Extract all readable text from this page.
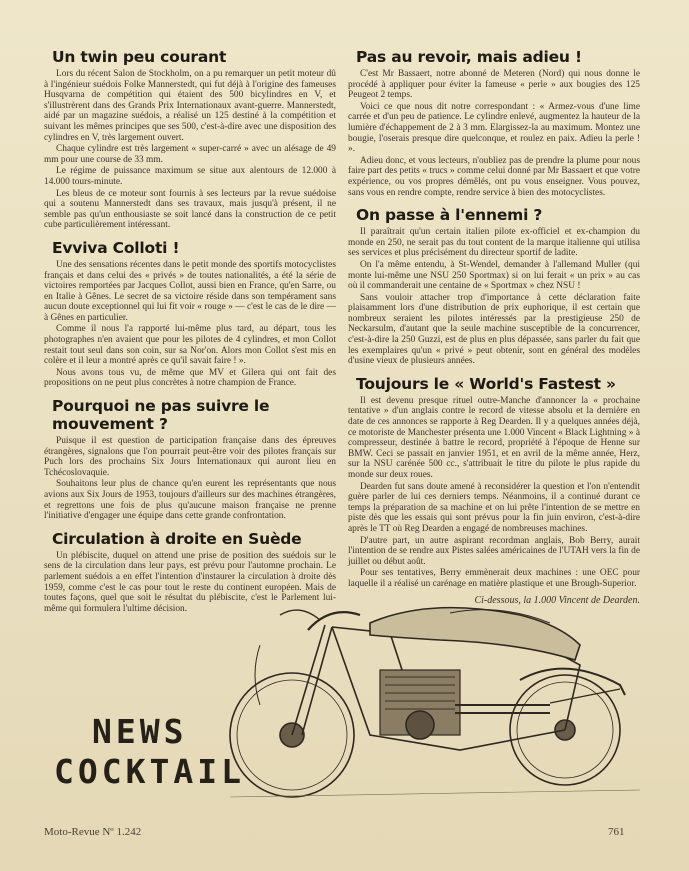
Un twin peu courant

Lors du récent Salon de Stockholm, on a pu remarquer un petit moteur dû à l'ingénieur suédois Folke Mannerstedt, qui fut déjà à l'origine des fameuses Husqvarna de compétition qui étaient des 500 bicylindres en V, et s'illustrèrent dans des Grands Prix Internationaux avant-guerre. Mannerstedt, aidé par un magazine suédois, a réalisé un 125 destiné à la compétition et suivant les mêmes principes que ses 500, c'est-à-dire avec une disposition des cylindres en V, très largement ouvert.

Chaque cylindre est très largement « super-carré » avec un alésage de 49 mm pour une course de 33 mm.

Le régime de puissance maximum se situe aux alentours de 12.000 à 14.000 tours-minute.

Les bleus de ce moteur sont fournis à ses lecteurs par la revue suédoise qui a soutenu Mannerstedt dans ses travaux, mais jusqu'à présent, il ne semble pas qu'un enthousiaste se soit lancé dans la construction de ce petit cube particulièrement intéressant.

Evviva Colloti !

Une des sensations récentes dans le petit monde des sportifs motocyclistes français et dans celui des « privés » de toutes nationalités, a été la série de victoires remportées par Jacques Collot, aussi bien en France, qu'en Sarre, ou en Italie à Gênes. Le secret de sa victoire réside dans son tempérament sans aucun doute exceptionnel qui lui fit voir « rouge » — c'est le cas de le dire — à Gênes en particulier.

Comme il nous l'a rapporté lui-même plus tard, au départ, tous les photographes n'en avaient que pour les pilotes de 4 cylindres, et mon Collot restait tout seul dans son coin, sur sa Nor'on. Alors mon Collot s'est mis en colère et il leur a montré après ce qu'il savait faire ! ».

Nous avons tous vu, de même que MV et Gilera qui ont fait des propositions on ne peut plus concrètes à notre champion de France.

Pourquoi ne pas suivre le mouvement ?

Puisque il est question de participation française dans des épreuves étrangères, signalons que l'on pourrait peut-être voir des pilotes français sur Puch lors des prochains Six Jours Internationaux qui auront lieu en Tchécoslovaquie.

Souhaitons leur plus de chance qu'en eurent les représentants que nous avions aux Six Jours de 1953, toujours d'ailleurs sur des machines étrangères, et regrettons une fois de plus qu'aucune maison française ne prenne l'initiative d'engager une équipe dans cette grande confrontation.

Circulation à droite en Suède

Un plébiscite, duquel on attend une prise de position des suédois sur le sens de la circulation dans leur pays, est prévu pour l'automne prochain. Le parlement suédois a en effet l'intention d'instaurer la circulation à droite dès 1959, comme c'est le cas pour tout le reste du continent européen. Mais de toutes façons, quel que soit le résultat du plébiscite, c'est le Parlement lui-même qui formulera l'ultime décision.

Pas au revoir, mais adieu !

C'est Mr Bassaert, notre abonné de Meteren (Nord) qui nous donne le procédé à appliquer pour éviter la fameuse « perle » aux bougies des 125 Peugeot 2 temps.

Voici ce que nous dit notre correspondant : « Armez-vous d'une lime carrée et d'un peu de patience. Le cylindre enlevé, augmentez la hauteur de la lumière d'échappement de 2 à 3 mm. Elargissez-la au maximum. Montez une bougie, l'oserais presque dire quelconque, et roulez en paix. Adieu la perle ! ».

Adieu donc, et vous lecteurs, n'oubliez pas de prendre la plume pour nous faire part des petits « trucs » comme celui donné par Mr Bassaert et que votre expérience, ou vos propres démêlés, ont pu vous enseigner. Vous pouvez, sans vous en rendre compte, rendre service à bien des motocyclistes.

On passe à l'ennemi ?

Il paraîtrait qu'un certain italien pilote ex-officiel et ex-champion du monde en 250, ne serait pas du tout content de la marque italienne qui utilisa ses services et plus précisément du directeur sportif de ladite.

On l'a même entendu, à St-Wendel, demander à l'allemand Muller (qui monte lui-même une NSU 250 Sportmax) si on lui ferait « un prix » au cas où il commanderait une centaine de « Sportmax » chez NSU !

Sans vouloir attacher trop d'importance à cette déclaration faite plaisamment lors d'une distribution de prix euphorique, il est certain que nombreux seraient les pilotes intéressés par la prestigieuse 250 de Neckarsulm, d'autant que la seule machine susceptible de la concurrencer, c'est-à-dire la 250 Guzzi, est de plus en plus dépassée, sans parler du fait que les exemplaires qu'un « privé » peut obtenir, sont en général des modèles d'usine vieux de plusieurs années.

Toujours le « World's Fastest »

Il est devenu presque rituel outre-Manche d'annoncer la « prochaine tentative » d'un anglais contre le record de vitesse absolu et la dernière en date de ces annonces se rapporte à Reg Dearden. Il y a quelques années déjà, ce motoriste de Manchester présenta une 1.000 Vincent « Black Lightning » à compresseur, destinée à battre le record, propriété à l'époque de Henne sur BMW. Ceci se passait en janvier 1951, et en avril de la même année, Herz, sur la NSU carénée 500 cc., s'attribuait le titre du pilote le plus rapide du monde sur deux roues.

Dearden fut sans doute amené à reconsidérer la question et l'on n'entendit guère parler de lui ces derniers temps. Néanmoins, il a continué durant ce temps la préparation de sa machine et on lui prête l'intention de se mettre en piste dès que les essais qui sont prévus pour la fin juin environ, c'est-à-dire après le TT où Reg Dearden a engagé de nombreuses machines.

D'autre part, un autre aspirant recordman anglais, Bob Berry, aurait l'intention de se rendre aux Pistes salées américaines de l'UTAH vers la fin de juillet ou début août.

Pour ses tentatives, Berry emmènerait deux machines : une OEC pour laquelle il a réalisé un carénage en matière plastique et une Brough-Superior.

Ci-dessous, la 1.000 Vincent de Dearden.

NEWS
COCKTAIL
Moto-Revue Nº 1.242	761
